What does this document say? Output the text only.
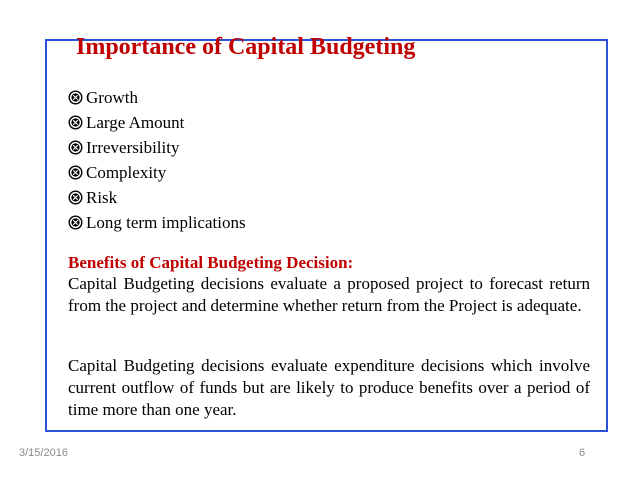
Importance of Capital Budgeting
Growth
Large Amount
Irreversibility
Complexity
Risk
Long term implications
Benefits of Capital Budgeting Decision:

Capital Budgeting decisions evaluate a proposed project to forecast return from the project and determine whether return from the Project is adequate.

Capital Budgeting decisions evaluate expenditure decisions which involve current outflow of funds but are likely to produce benefits over a period of time more than one year.

3/15/2016	6
